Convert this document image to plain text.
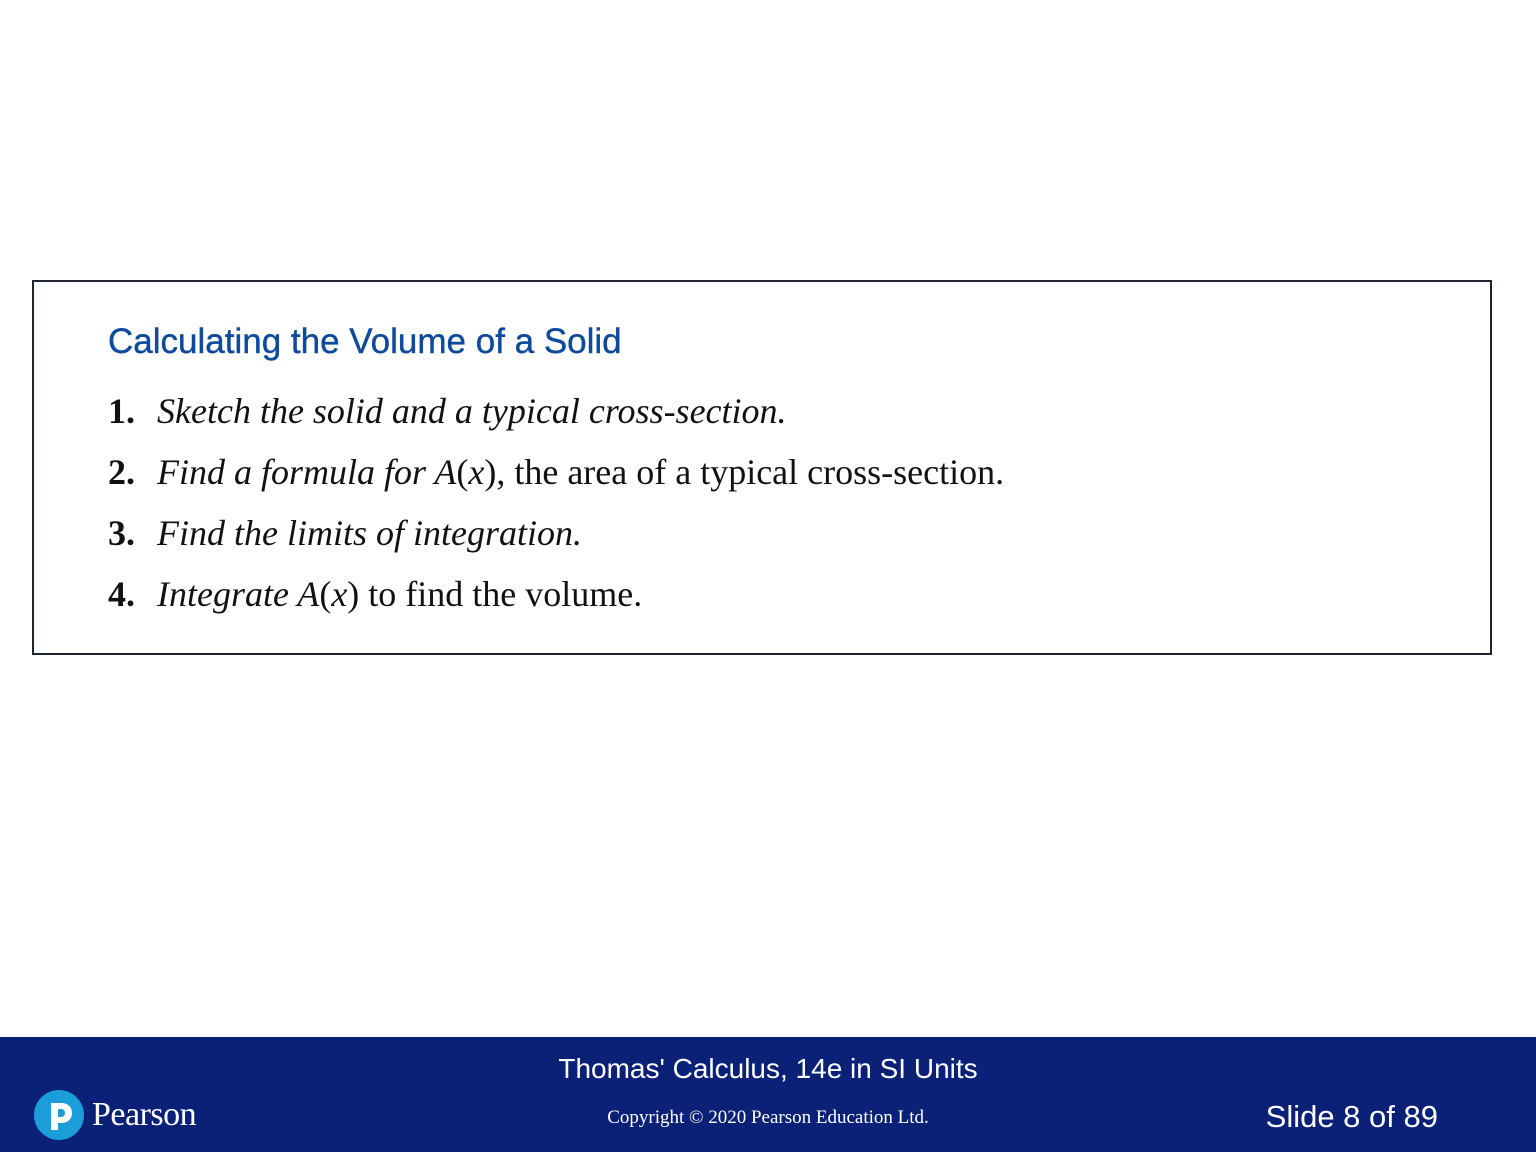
Calculating the Volume of a Solid
1. Sketch the solid and a typical cross-section.
2. Find a formula for A(x), the area of a typical cross-section.
3. Find the limits of integration.
4. Integrate A(x) to find the volume.
Pearson

Thomas' Calculus, 14e in SI Units

Copyright © 2020 Pearson Education Ltd.	Slide 8 of 89
